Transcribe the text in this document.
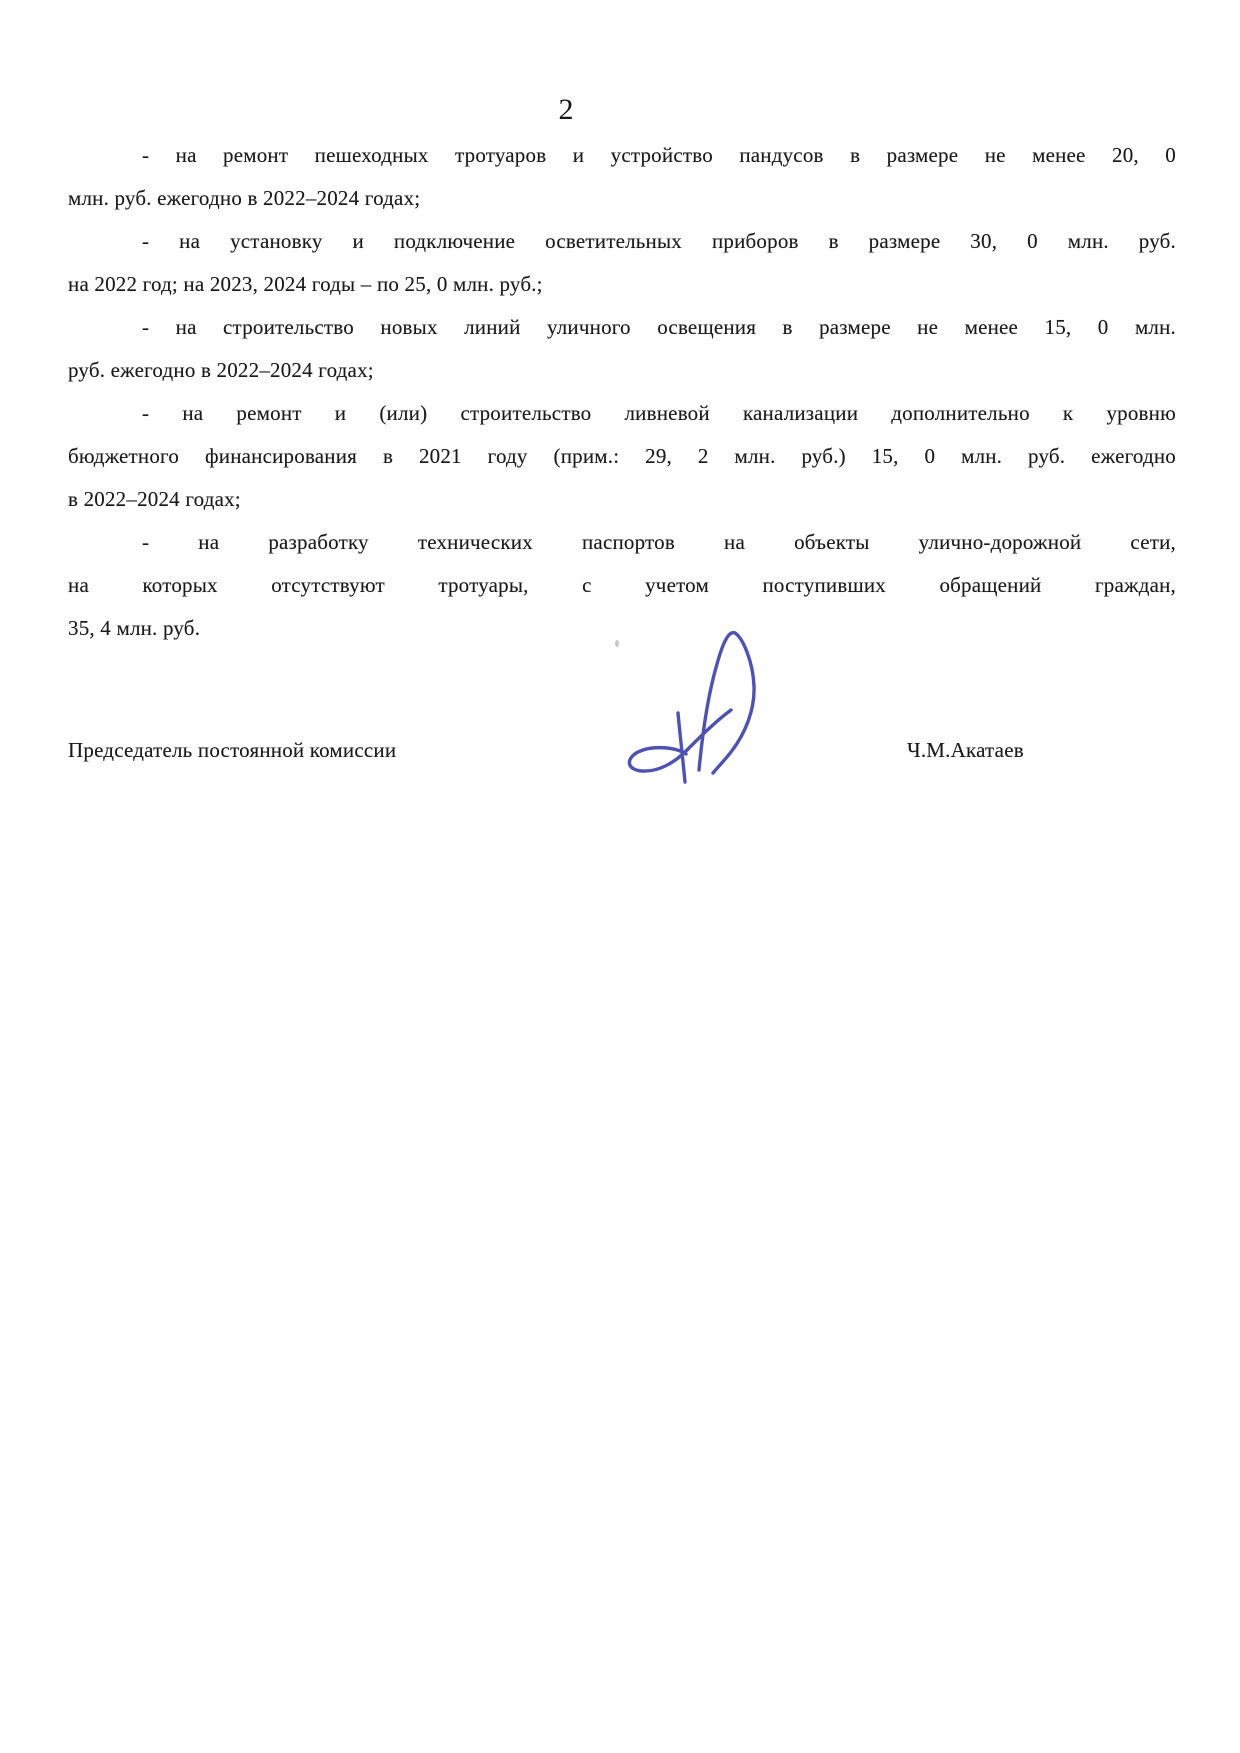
2
- на ремонт пешеходных тротуаров и устройство пандусов в размере не менее 20, 0
млн. руб. ежегодно в 2022–2024 годах;
- на установку и подключение осветительных приборов в размере 30, 0 млн. руб.
на 2022 год; на 2023, 2024 годы – по 25, 0 млн. руб.;
- на строительство новых линий уличного освещения в размере не менее 15, 0 млн.
руб. ежегодно в 2022–2024 годах;
- на ремонт и (или) строительство ливневой канализации дополнительно к уровню
бюджетного финансирования в 2021 году (прим.: 29, 2 млн. руб.) 15, 0 млн. руб. ежегодно
в 2022–2024 годах;
- на разработку технических паспортов на объекты улично-дорожной сети,
на которых отсутствуют тротуары, с учетом поступивших обращений граждан,
35, 4 млн. руб.
Председатель постоянной комиссии	Ч.М.Акатаев
